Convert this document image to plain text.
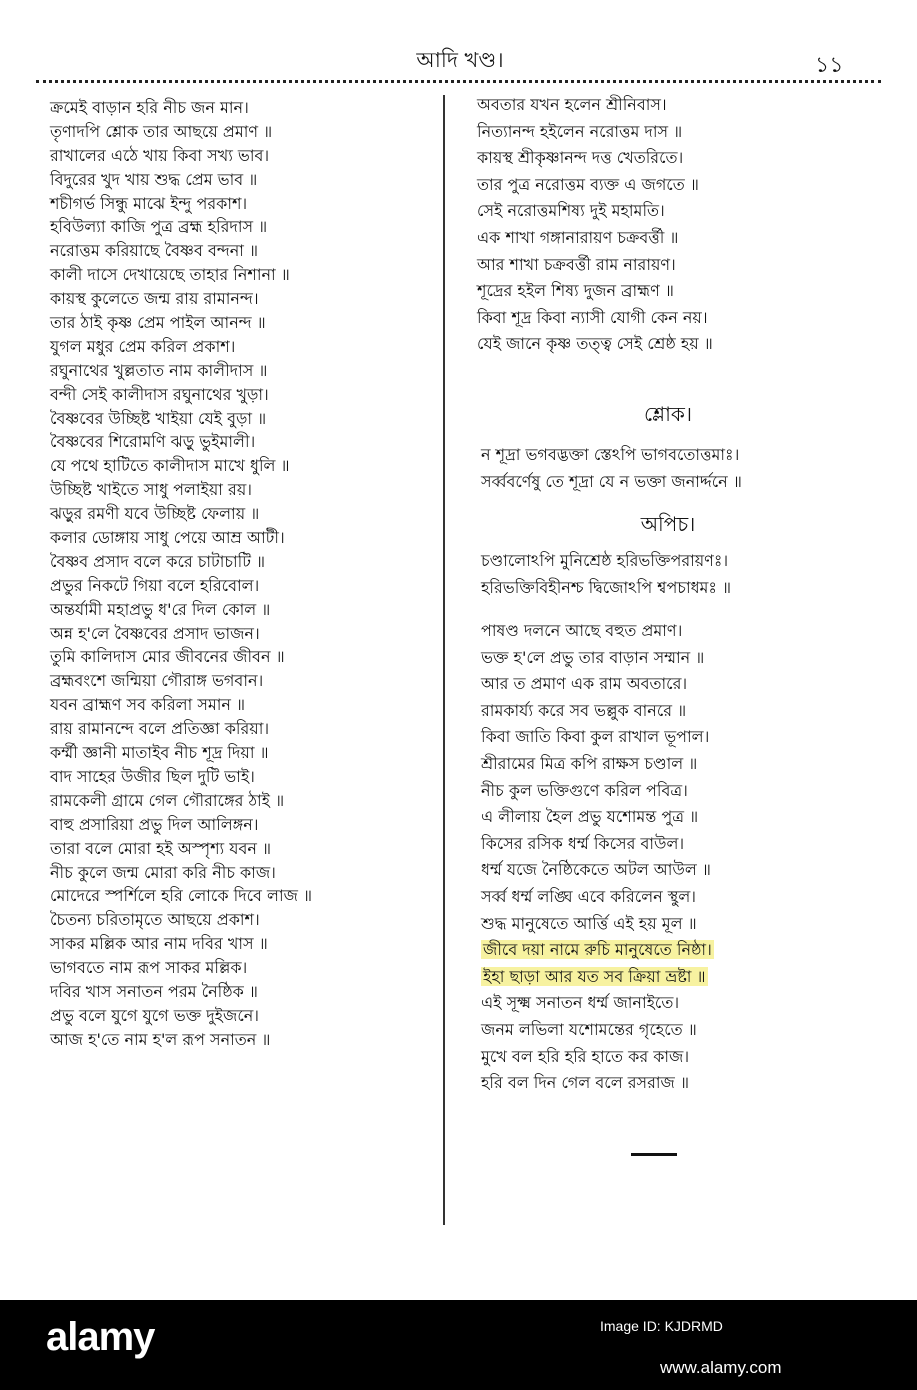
আদি খণ্ড।	১১
ক্রমেই বাড়ান হরি নীচ জন মান।
তৃণাদপি শ্লোক তার আছয়ে প্রমাণ ॥
রাখালের এঠে খায় কিবা সখ্য ভাব।
বিদুরের খুদ খায় শুদ্ধ প্রেম ভাব ॥
শচীগর্ভ সিন্ধু মাঝে ইন্দু পরকাশ।
হবিউল্যা কাজি পুত্র ব্রহ্ম হরিদাস ॥
নরোত্তম করিয়াছে বৈষ্ণব বন্দনা ॥
কালী দাসে দেখায়েছে তাহার নিশানা ॥
কায়স্থ কুলেতে জন্ম রায় রামানন্দ।
তার ঠাই কৃষ্ণ প্রেম পাইল আনন্দ ॥
যুগল মধুর প্রেম করিল প্রকাশ।
রঘুনাথের খুল্লতাত নাম কালীদাস ॥
বন্দী সেই কালীদাস রঘুনাথের খুড়া।
বৈষ্ণবের উচ্ছিষ্ট খাইয়া যেই বুড়া ॥
বৈষ্ণবের শিরোমণি ঝড়ু ভুইমালী।
যে পথে হাটিতে কালীদাস মাখে ধুলি ॥
উচ্ছিষ্ট খাইতে সাধু পলাইয়া রয়।
ঝড়ুর রমণী যবে উচ্ছিষ্ট ফেলায় ॥
কলার ডোঙ্গায় সাধু পেয়ে আম্র আটী।
বৈষ্ণব প্রসাদ বলে করে চাটাচাটি ॥
প্রভুর নিকটে গিয়া বলে হরিবোল।
অন্তর্যামী মহাপ্রভু ধ'রে দিল কোল ॥
অন্ন হ'লে বৈষ্ণবের প্রসাদ ভাজন।
তুমি কালিদাস মোর জীবনের জীবন ॥
ব্রহ্মবংশে জন্মিয়া গৌরাঙ্গ ভগবান।
যবন ব্রাহ্মণ সব করিলা সমান ॥
রায় রামানন্দে বলে প্রতিজ্ঞা করিয়া।
কর্ম্মী জ্ঞানী মাতাইব নীচ শূদ্র দিয়া ॥
বাদ সাহের উজীর ছিল দুটি ভাই।
রামকেলী গ্রামে গেল গৌরাঙ্গের ঠাই ॥
বাহু প্রসারিয়া প্রভু দিল আলিঙ্গন।
তারা বলে মোরা হই অস্পৃশ্য যবন ॥
নীচ কুলে জন্ম মোরা করি নীচ কাজ।
মোদেরে স্পর্শিলে হরি লোকে দিবে লাজ ॥
চৈতন্য চরিতামৃতে আছয়ে প্রকাশ।
সাকর মল্লিক আর নাম দবির খাস ॥
ভাগবতে নাম রূপ সাকর মল্লিক।
দবির খাস সনাতন পরম নৈষ্ঠিক ॥
প্রভু বলে যুগে যুগে ভক্ত দুইজনে।
আজ হ'তে নাম হ'ল রূপ সনাতন ॥
অবতার যখন হলেন শ্রীনিবাস।
নিত্যানন্দ হইলেন নরোত্তম দাস ॥
কায়স্থ শ্রীকৃষ্ণানন্দ দত্ত খেতরিতে।
তার পুত্র নরোত্তম ব্যক্ত এ জগতে ॥
সেই নরোত্তমশিষ্য দুই মহামতি।
এক শাখা গঙ্গানারায়ণ চক্রবর্ত্তী ॥
আর শাখা চক্রবর্ত্তী রাম নারায়ণ।
শূদ্রের হইল শিষ্য দুজন ব্রাহ্মণ ॥
কিবা শূদ্র কিবা ন্যাসী যোগী কেন নয়।
যেই জানে কৃষ্ণ তত্ত্ব সেই শ্রেষ্ঠ হয় ॥
শ্লোক।
ন শূদ্রা ভগবদ্ভক্তা স্তেঽপি ভাগবতোত্তমাঃ।
সর্ব্ববর্ণেষু তে শূদ্রা যে ন ভক্তা জনার্দ্দনে ॥
অপিচ।
চণ্ডালোঽপি মুনিশ্রেষ্ঠ হরিভক্তিপরায়ণঃ।
হরিভক্তিবিহীনশ্চ দ্বিজোঽপি শ্বপচাধমঃ ॥
পাষণ্ড দলনে আছে বহুত প্রমাণ।
ভক্ত হ'লে প্রভু তার বাড়ান সম্মান ॥
আর ত প্রমাণ এক রাম অবতারে।
রামকার্য্য করে সব ভল্লুক বানরে ॥
কিবা জাতি কিবা কুল রাখাল ভূপাল।
শ্রীরামের মিত্র কপি রাক্ষস চণ্ডাল ॥
নীচ কুল ভক্তিগুণে করিল পবিত্র।
এ লীলায় হৈল প্রভু যশোমন্ত পুত্র ॥
কিসের রসিক ধর্ম্ম কিসের বাউল।
ধর্ম্ম যজে নৈষ্ঠিকেতে অটল আউল ॥
সর্ব্ব ধর্ম্ম লঙ্ঘি এবে করিলেন স্থুল।
শুদ্ধ মানুষেতে আর্ত্তি এই হয় মূল ॥
জীবে দয়া নামে রুচি মানুষেতে নিষ্ঠা।
ইহা ছাড়া আর যত সব ক্রিয়া ভ্রষ্টা ॥
এই সূক্ষ্ম সনাতন ধর্ম্ম জানাইতে।
জনম লভিলা যশোমন্তের গৃহেতে ॥
মুখে বল হরি হরি হাতে কর কাজ।
হরি বল দিন গেল বলে রসরাজ ॥
alamy	Image ID: KJDRMD
www.alamy.com
